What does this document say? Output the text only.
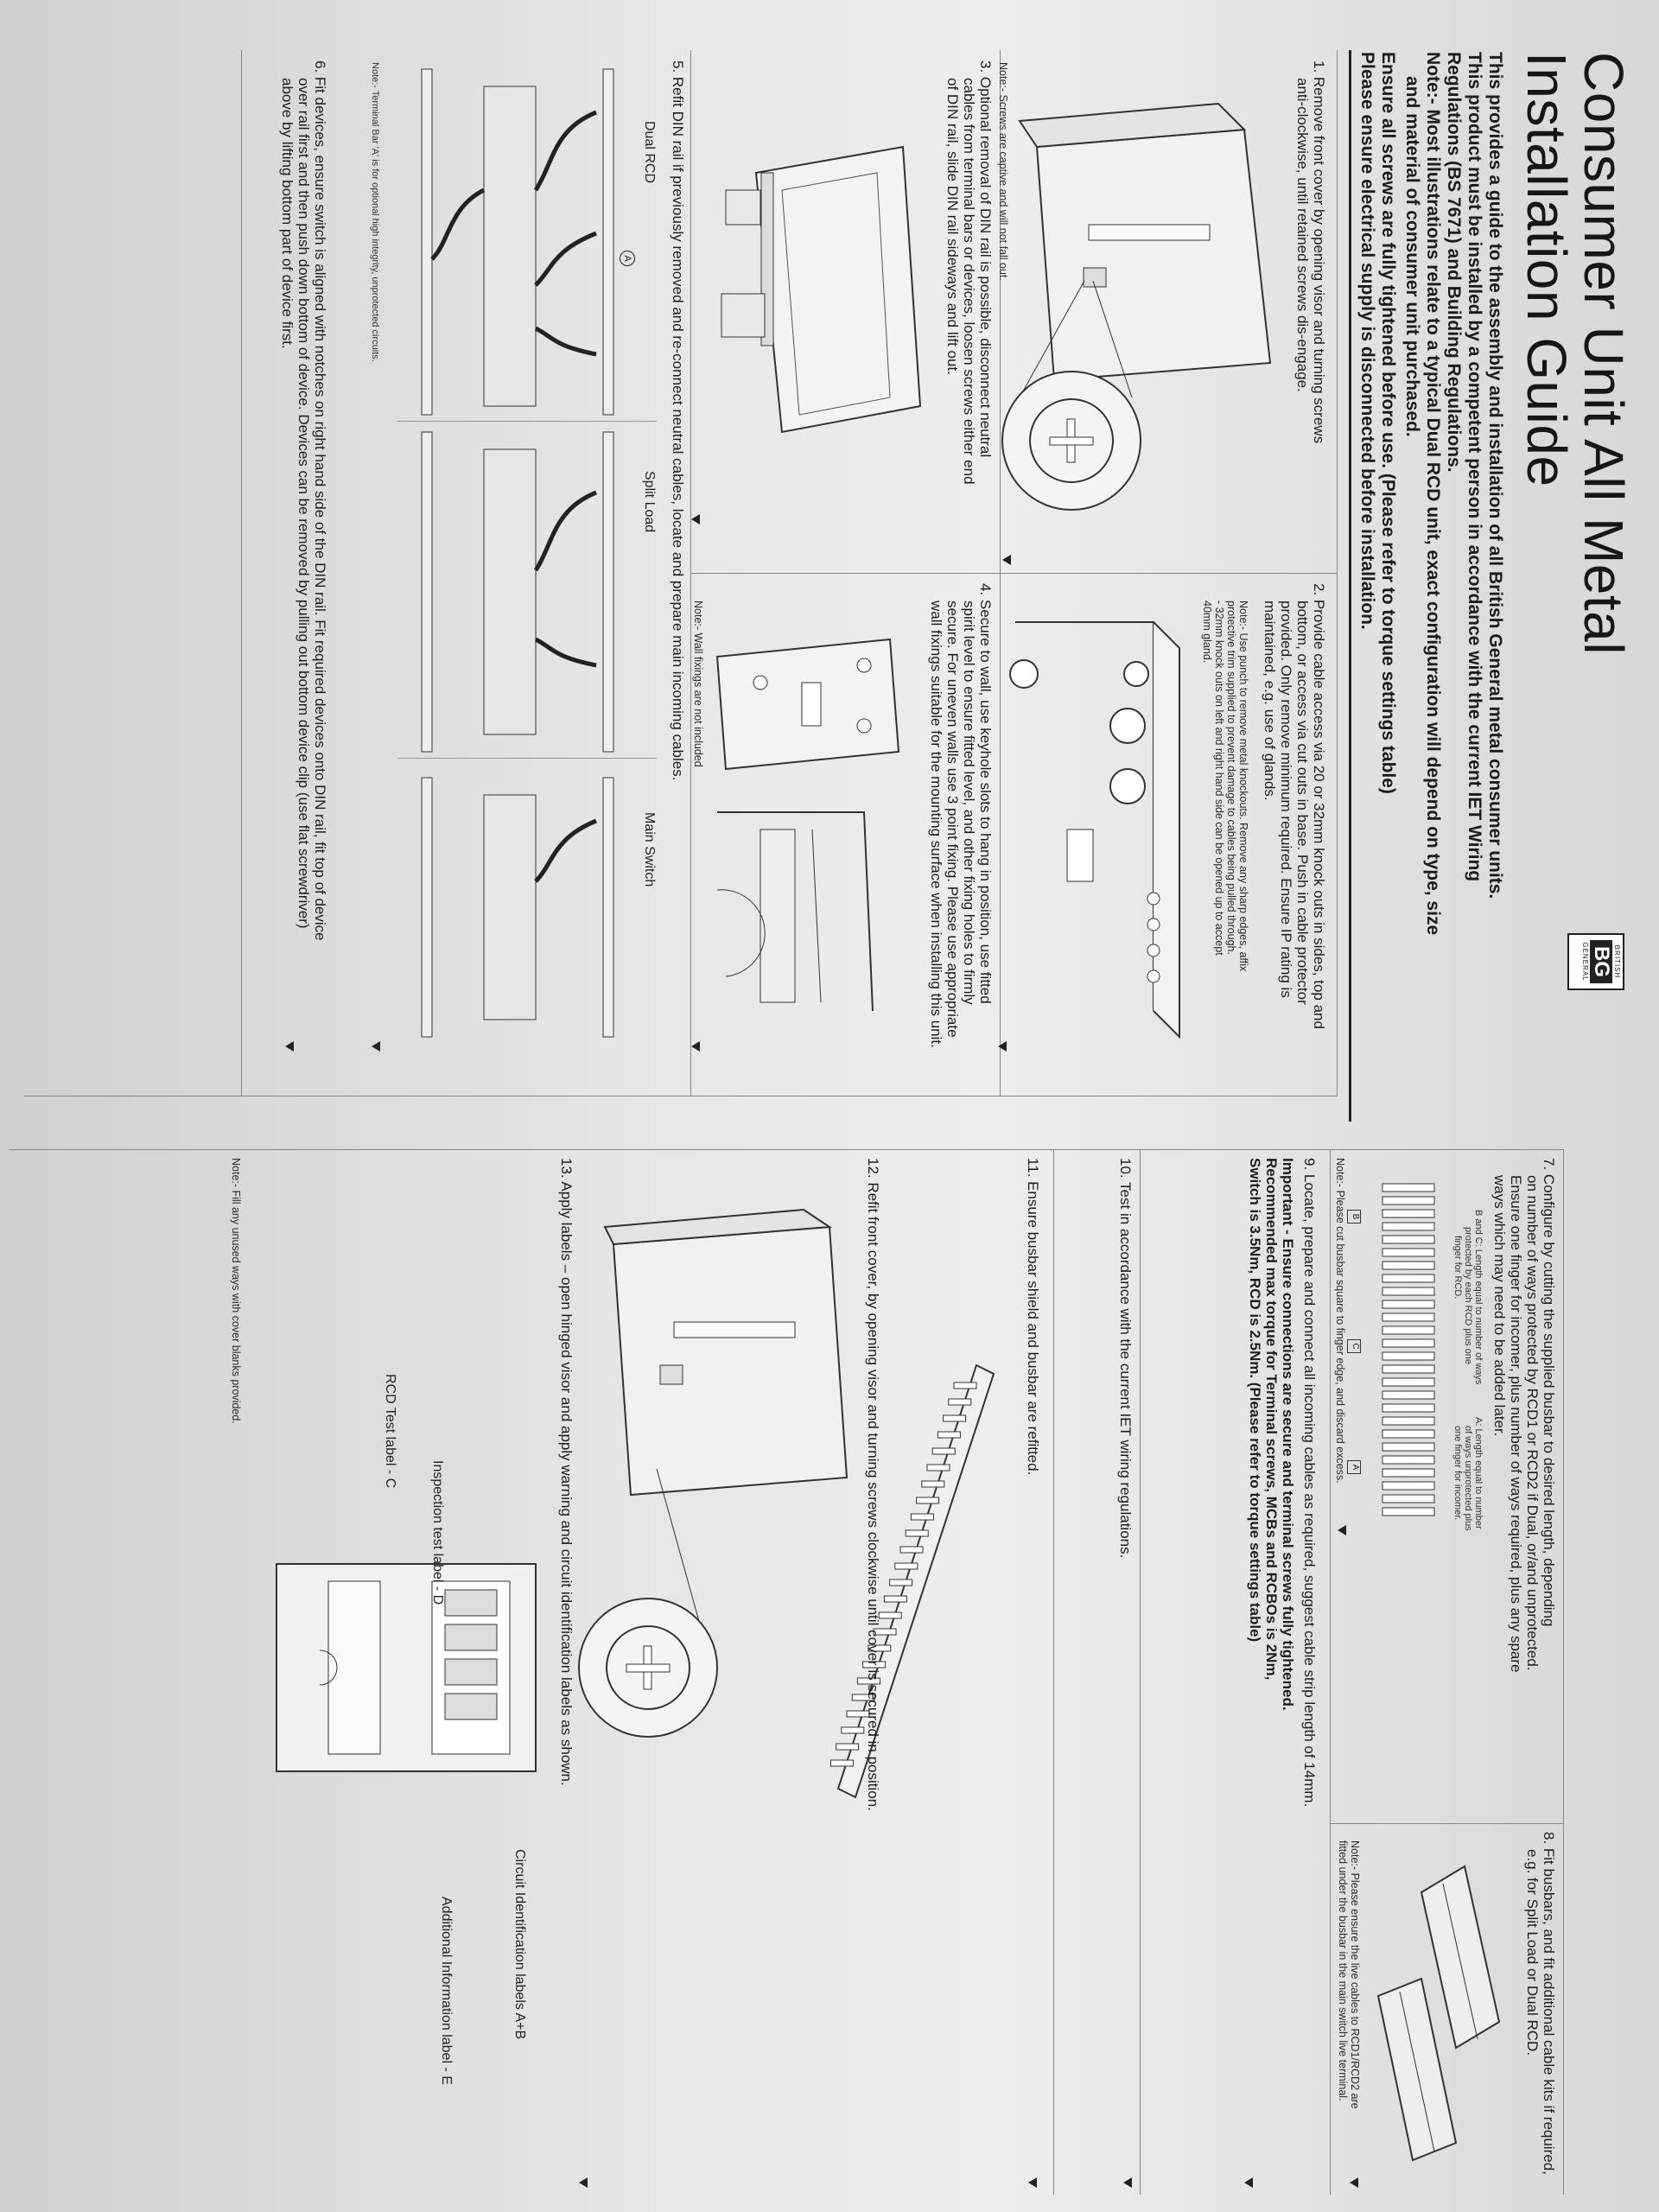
Consumer Unit All Metal
Installation Guide
BRITISH
BG
GENERAL
This provides a guide to the assembly and installation of all British General metal consumer units.
This product must be installed by a competent person in accordance with the current IET Wiring
Regulations (BS 7671) and Building Regulations.
Note:- Most illustrations relate to a typical Dual RCD unit, exact configuration will depend on type, size
and material of consumer unit purchased.
Ensure all screws are fully tightened before use. (Please refer to torque settings table)
Please ensure electrical supply is disconnected before installation.
1. Remove front cover by opening visor and turning screws
anti-clockwise, until retained screws dis-engage.
Note:- Screws are captive and will not fall out.
2. Provide cable access via 20 or 32mm knock outs in sides, top and
bottom, or access via cut outs in base. Push in cable protector
provided. Only remove minimum required. Ensure IP rating is
maintained, e.g. use of glands.
Note:- Use punch to remove metal knockouts. Remove any sharp edges, affix
protective trim supplied to prevent damage to cables being pulled through.
- 32mm knock outs on left and right hand side can be opened up to accept
40mm gland.
3. Optional removal of DIN rail is possible, disconnect neutral
cables from terminal bars or devices, loosen screws either end
of DIN rail, slide DIN rail sideways and lift out.
4. Secure to wall, use keyhole slots to hang in position, use fitted
spirit level to ensure fitted level, and other fixing holes to firmly
secure. For uneven walls use 3 point fixing. Please use appropriate
wall fixings suitable for the mounting surface when installing this unit.
Note:- Wall fixings are not included
5. Refit DIN rail if previously removed and re-connect neutral cables, locate and prepare main incoming cables.
Dual RCD
Split Load
Main Switch
A
Note:- Terminal Bar 'A' is for optional high integrity, unprotected circuits.
6. Fit devices, ensure switch is aligned with notches on right hand side of the DIN rail. Fit required devices onto DIN rail, fit top of device
over rail first and then push down bottom of device. Devices can be removed by pulling out bottom device clip (use flat screwdriver)
above by lifting bottom part of device first.
7. Configure by cutting the supplied busbar to desired length, depending
on number of ways protected by RCD1 or RCD2 if Dual, or/and unprotected.
Ensure one finger for incomer, plus number of ways required, plus any spare
ways which may need to be added later.
B and C: Length equal to number of ways
protected by each RCD plus one
finger for RCD.
A: Length equal to number
of ways unprotected plus
one finger for incomer.
B
C
A
Note:- Please cut busbar square to finger edge, and discard excess.
8. Fit busbars, and fit additional cable kits if required,
e.g. for Split Load or Dual RCD.
Note:- Please ensure the live cables to RCD1/RCD2 are
fitted under the busbar in the main switch live terminal.
9. Locate, prepare and connect all incoming cables as required, suggest cable strip length of 14mm.
Important - Ensure connections are secure and terminal screws fully tightened.
Recommended max torque for Terminal screws, MCBs and RCBOs is 2Nm,
Switch is 3.5Nm, RCD is 2.5Nm. (Please refer to torque settings table)
10. Test in accordance with the current IET wiring regulations.
11. Ensure busbar shield and busbar are refitted.
12. Refit front cover, by opening visor and turning screws clockwise until cover is secured in position.
13. Apply labels – open hinged visor and apply warning and circuit identification labels as shown.
Circuit Identification labels A+B
Additional Information label - E
Inspection test label - D
RCD Test label - C
Note:- Fill any unused ways with cover blanks provided.
